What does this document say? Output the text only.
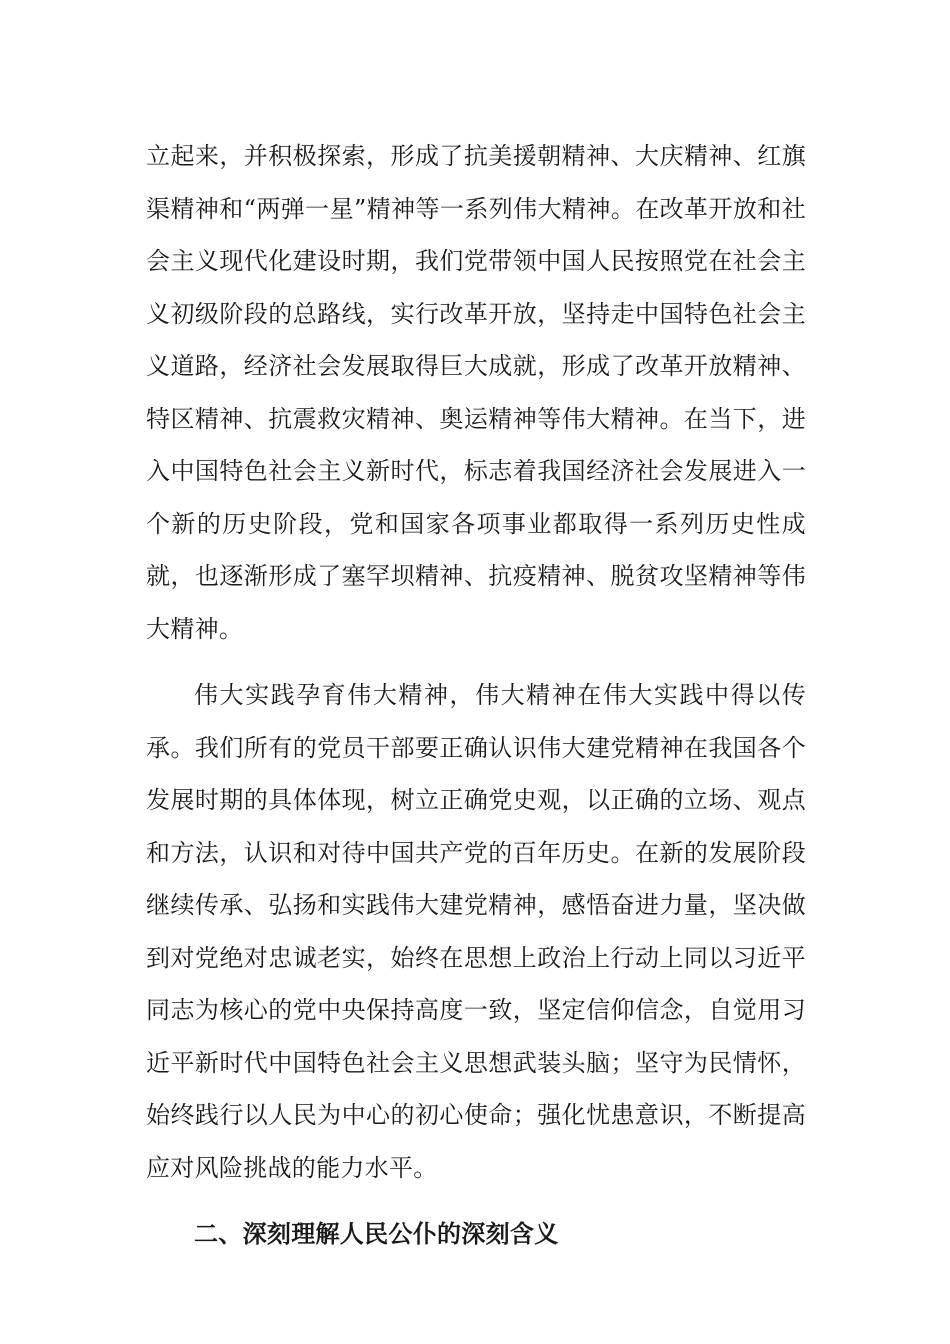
立起来，并积极探索，形成了抗美援朝精神、大庆精神、红旗渠精神和“两弹一星”精神等一系列伟大精神。在改革开放和社会主义现代化建设时期，我们党带领中国人民按照党在社会主义初级阶段的总路线，实行改革开放，坚持走中国特色社会主义道路，经济社会发展取得巨大成就，形成了改革开放精神、特区精神、抗震救灾精神、奥运精神等伟大精神。在当下，进入中国特色社会主义新时代，标志着我国经济社会发展进入一个新的历史阶段，党和国家各项事业都取得一系列历史性成就，也逐渐形成了塞罕坝精神、抗疫精神、脱贫攻坚精神等伟大精神。

伟大实践孕育伟大精神，伟大精神在伟大实践中得以传承。我们所有的党员干部要正确认识伟大建党精神在我国各个发展时期的具体体现，树立正确党史观，以正确的立场、观点和方法，认识和对待中国共产党的百年历史。在新的发展阶段继续传承、弘扬和实践伟大建党精神，感悟奋进力量，坚决做到对党绝对忠诚老实，始终在思想上政治上行动上同以习近平同志为核心的党中央保持高度一致，坚定信仰信念，自觉用习近平新时代中国特色社会主义思想武装头脑；坚守为民情怀，始终践行以人民为中心的初心使命；强化忧患意识，不断提高应对风险挑战的能力水平。

二、深刻理解人民公仆的深刻含义
